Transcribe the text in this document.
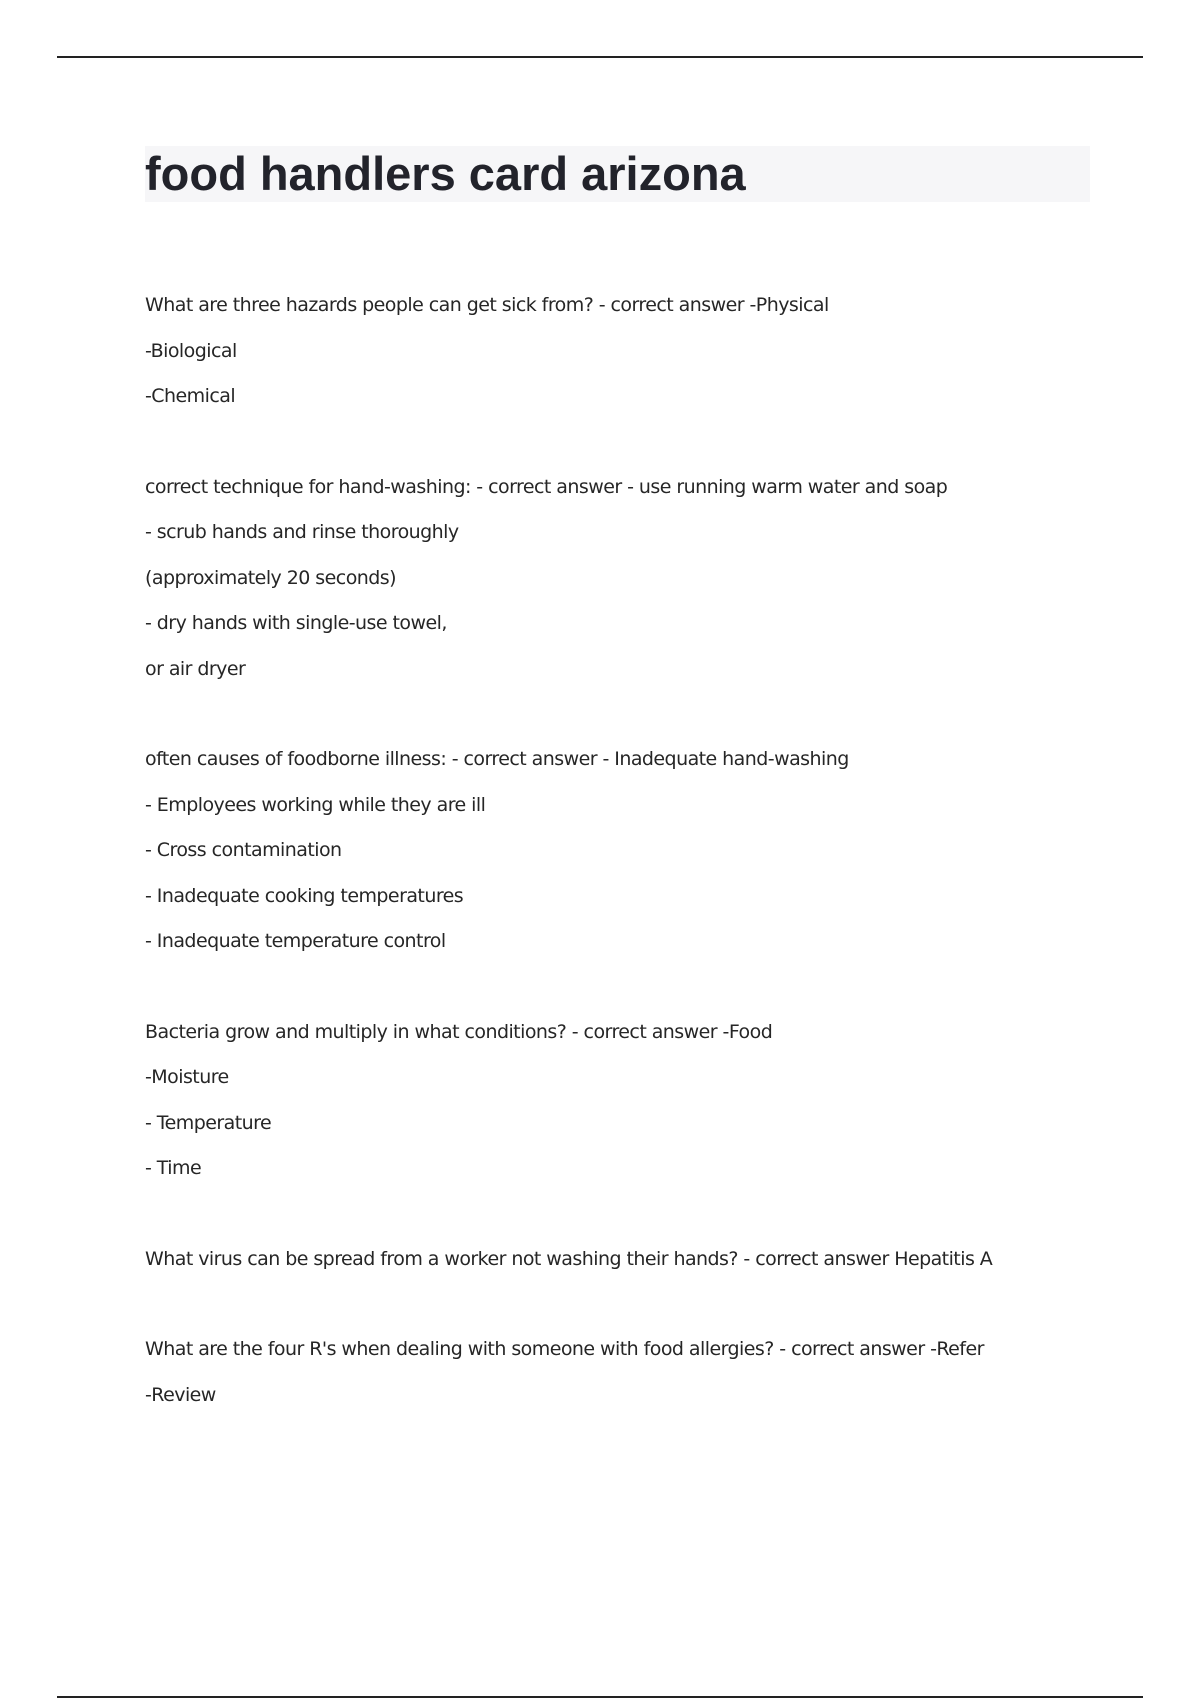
food handlers card arizona
What are three hazards people can get sick from? - correct answer -Physical
-Biological
-Chemical
correct technique for hand-washing: - correct answer - use running warm water and soap
- scrub hands and rinse thoroughly
(approximately 20 seconds)
- dry hands with single-use towel,
or air dryer
often causes of foodborne illness: - correct answer - Inadequate hand-washing
- Employees working while they are ill
- Cross contamination
- Inadequate cooking temperatures
- Inadequate temperature control
Bacteria grow and multiply in what conditions? - correct answer -Food
-Moisture
- Temperature
- Time
What virus can be spread from a worker not washing their hands? - correct answer Hepatitis A
What are the four R's when dealing with someone with food allergies? - correct answer -Refer
-Review
